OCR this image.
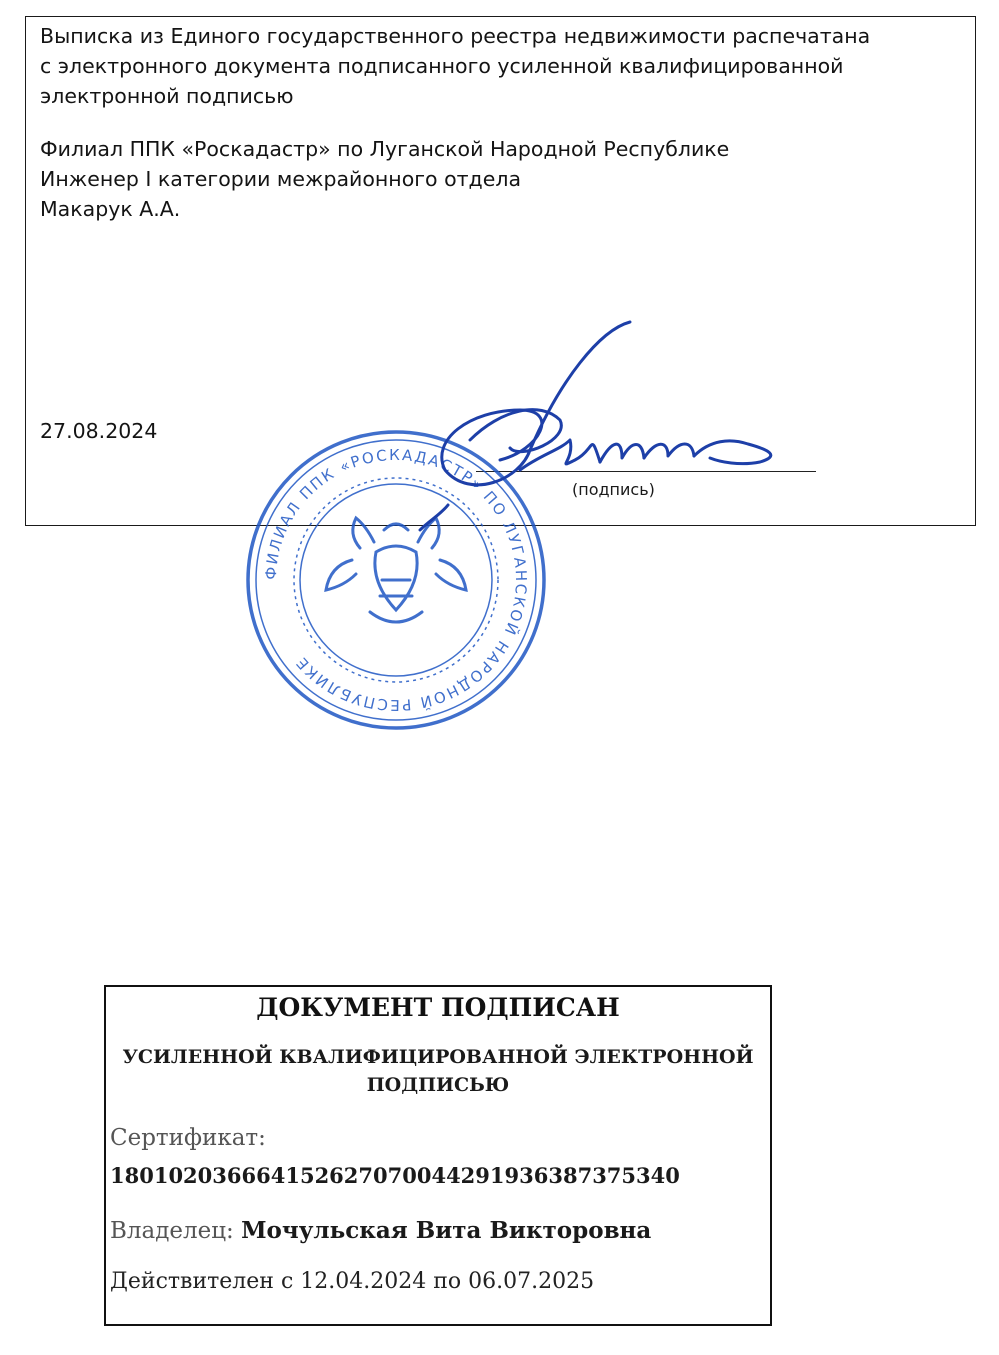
Выписка из Единого государственного реестра недвижимости распечатана
с электронного документа подписанного усиленной квалифицированной
электронной подписью
Филиал ППК «Роскадастр» по Луганской Народной Республике
Инженер I категории межрайонного отдела
Макарук А.А.
27.08.2024
(подпись)
ФИЛИАЛ ППК «РОСКАДАСТР» ПО ЛУГАНСКОЙ НАРОДНОЙ РЕСПУБЛИКЕ
ДОКУМЕНТ ПОДПИСАН
УСИЛЕННОЙ КВАЛИФИЦИРОВАННОЙ ЭЛЕКТРОННОЙ ПОДПИСЬЮ
Сертификат:
180102036664152627070044291936387375340
Владелец: Мочульская Вита Викторовна
Действителен с 12.04.2024 по 06.07.2025
